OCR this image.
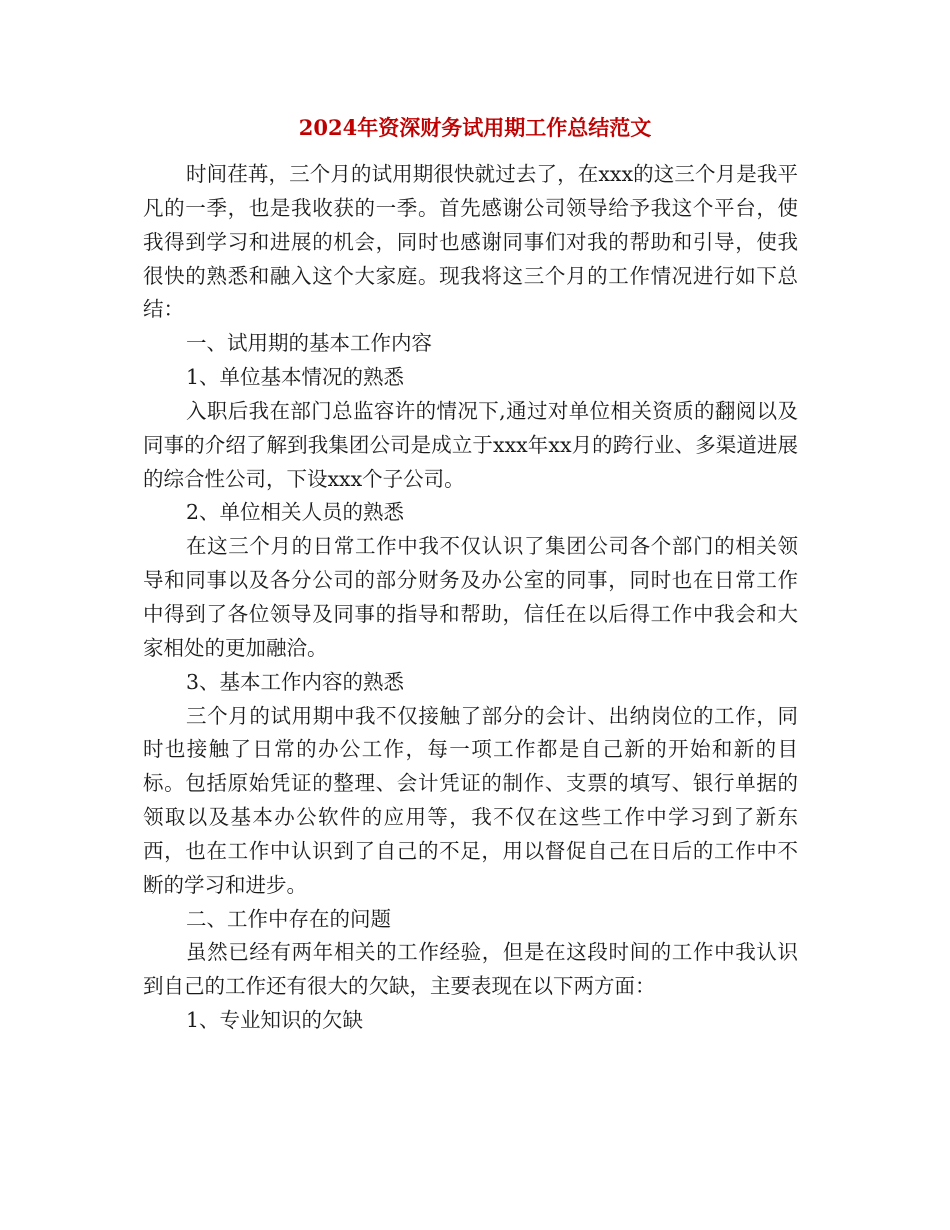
2024年资深财务试用期工作总结范文

时间荏苒，三个月的试用期很快就过去了，在xxx的这三个月是我平凡的一季，也是我收获的一季。首先感谢公司领导给予我这个平台，使我得到学习和进展的机会，同时也感谢同事们对我的帮助和引导，使我很快的熟悉和融入这个大家庭。现我将这三个月的工作情况进行如下总结：

一、试用期的基本工作内容

1、单位基本情况的熟悉

入职后我在部门总监容许的情况下,通过对单位相关资质的翻阅以及同事的介绍了解到我集团公司是成立于xxx年xx月的跨行业、多渠道进展的综合性公司，下设xxx个子公司。

2、单位相关人员的熟悉

在这三个月的日常工作中我不仅认识了集团公司各个部门的相关领导和同事以及各分公司的部分财务及办公室的同事，同时也在日常工作中得到了各位领导及同事的指导和帮助，信任在以后得工作中我会和大家相处的更加融洽。

3、基本工作内容的熟悉

三个月的试用期中我不仅接触了部分的会计、出纳岗位的工作，同时也接触了日常的办公工作，每一项工作都是自己新的开始和新的目标。包括原始凭证的整理、会计凭证的制作、支票的填写、银行单据的领取以及基本办公软件的应用等，我不仅在这些工作中学习到了新东西，也在工作中认识到了自己的不足，用以督促自己在日后的工作中不断的学习和进步。

二、工作中存在的问题

虽然已经有两年相关的工作经验，但是在这段时间的工作中我认识到自己的工作还有很大的欠缺，主要表现在以下两方面：

1、专业知识的欠缺
